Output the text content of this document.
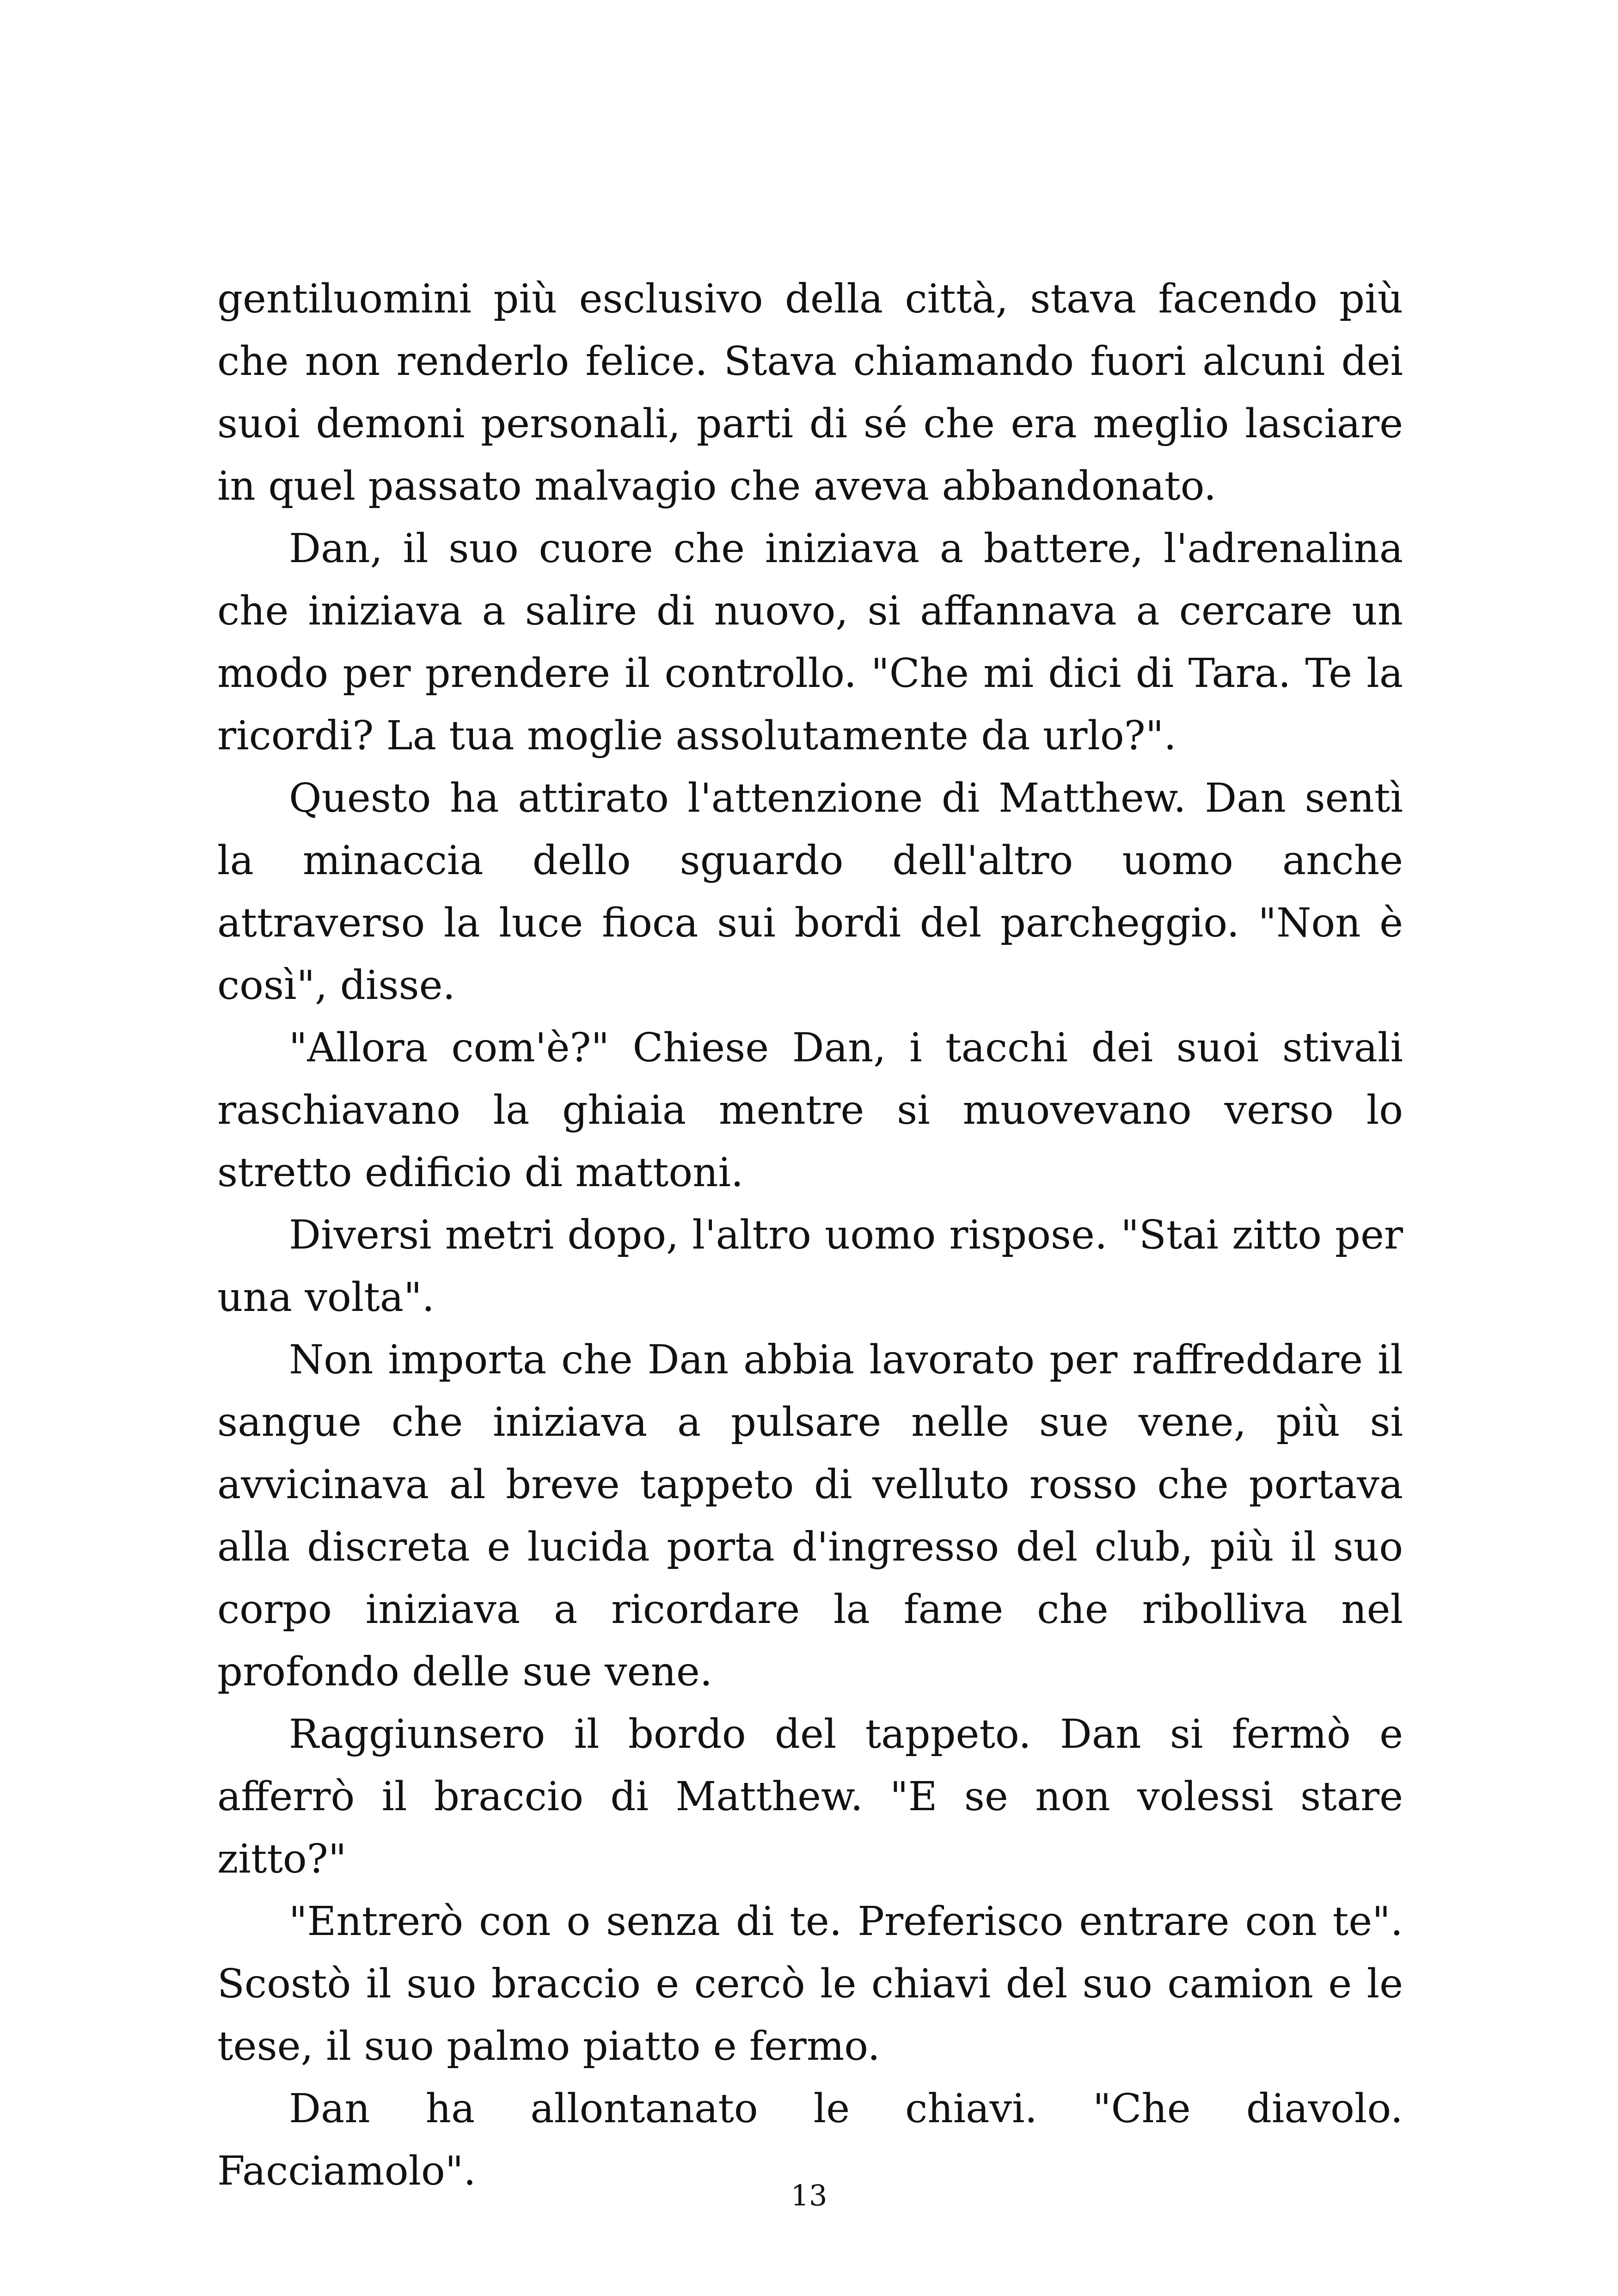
gentiluomini più esclusivo della città, stava facendo più che non renderlo felice. Stava chiamando fuori alcuni dei suoi demoni personali, parti di sé che era meglio lasciare in quel passato malvagio che aveva abbandonato.

Dan, il suo cuore che iniziava a battere, l'adrenalina che iniziava a salire di nuovo, si affannava a cercare un modo per prendere il controllo. "Che mi dici di Tara. Te la ricordi? La tua moglie assolutamente da urlo?".

Questo ha attirato l'attenzione di Matthew. Dan sentì la minaccia dello sguardo dell'altro uomo anche attraverso la luce fioca sui bordi del parcheggio. "Non è così", disse.

"Allora com'è?" Chiese Dan, i tacchi dei suoi stivali raschiavano la ghiaia mentre si muovevano verso lo stretto edificio di mattoni.

Diversi metri dopo, l'altro uomo rispose. "Stai zitto per una volta".

Non importa che Dan abbia lavorato per raffreddare il sangue che iniziava a pulsare nelle sue vene, più si avvicinava al breve tappeto di velluto rosso che portava alla discreta e lucida porta d'ingresso del club, più il suo corpo iniziava a ricordare la fame che ribolliva nel profondo delle sue vene.

Raggiunsero il bordo del tappeto. Dan si fermò e afferrò il braccio di Matthew. "E se non volessi stare zitto?"

"Entrerò con o senza di te. Preferisco entrare con te". Scostò il suo braccio e cercò le chiavi del suo camion e le tese, il suo palmo piatto e fermo.

Dan ha allontanato le chiavi. "Che diavolo. Facciamolo".

13
